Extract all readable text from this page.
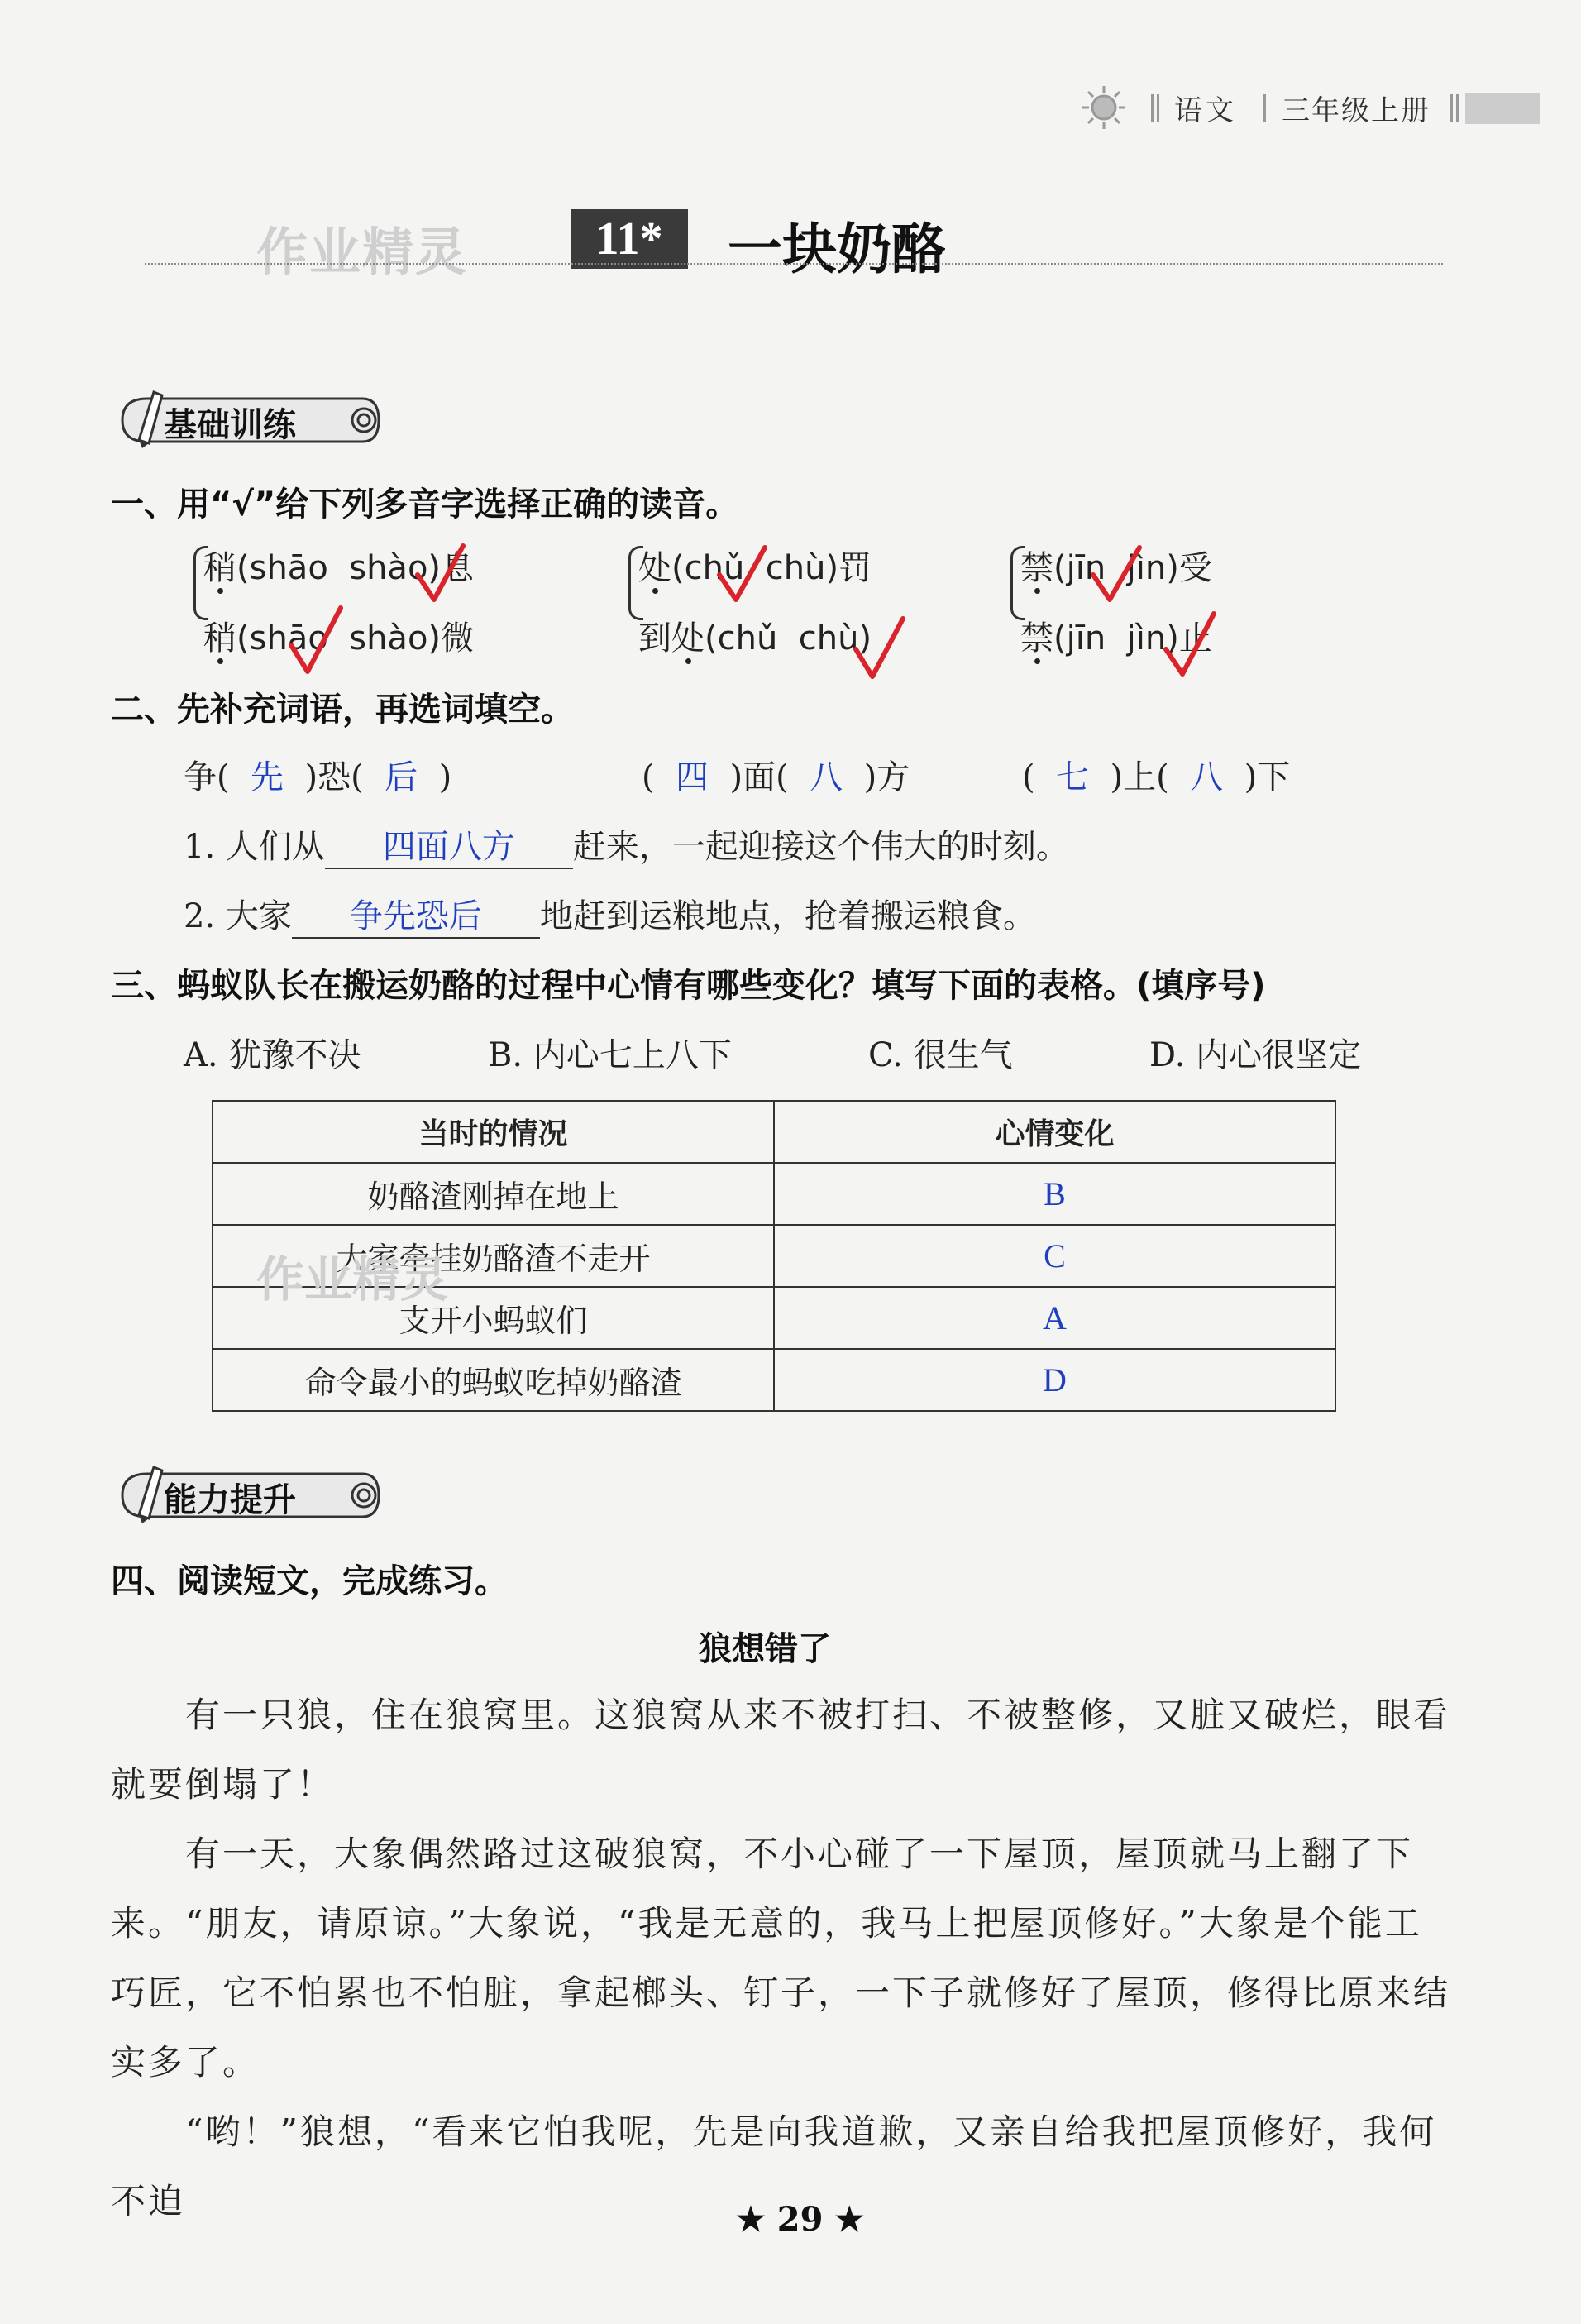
语文 三年级上册
作业精灵	11*	一块奶酪
基础训练
一、用“√”给下列多音字选择正确的读音。
稍(shāo shào)息
稍(shāo shào)微
处(chǔ chù)罚
到处(chǔ chù)
禁(jīn jìn)受
禁(jīn jìn)止
二、先补充词语，再选词填空。
争( 先 )恐( 后 )	( 四 )面( 八 )方	( 七 )上( 八 )下
1. 人们从 四面八方 赶来，一起迎接这个伟大的时刻。
2. 大家 争先恐后 地赶到运粮地点，抢着搬运粮食。
三、蚂蚁队长在搬运奶酪的过程中心情有哪些变化？填写下面的表格。(填序号)
A. 犹豫不决	B. 内心七上八下	C. 很生气	D. 内心很坚定
当时的情况	心情变化
奶酪渣刚掉在地上	B
大家牵挂奶酪渣不走开	C
支开小蚂蚁们	A
命令最小的蚂蚁吃掉奶酪渣	D
作业精灵
能力提升
四、阅读短文，完成练习。
狼想错了
有一只狼，住在狼窝里。这狼窝从来不被打扫、不被整修，又脏又破烂，眼看就要倒塌了！
有一天，大象偶然路过这破狼窝，不小心碰了一下屋顶，屋顶就马上翻了下来。 “朋友，请原谅。”大象说，“我是无意的，我马上把屋顶修好。”大象是个能工巧匠，它不怕累也不怕脏，拿起榔头、钉子，一下子就修好了屋顶，修得比原来结实多了。
“哟！”狼想，“看来它怕我呢，先是向我道歉，又亲自给我把屋顶修好，我何不迫	★ 29 ★
